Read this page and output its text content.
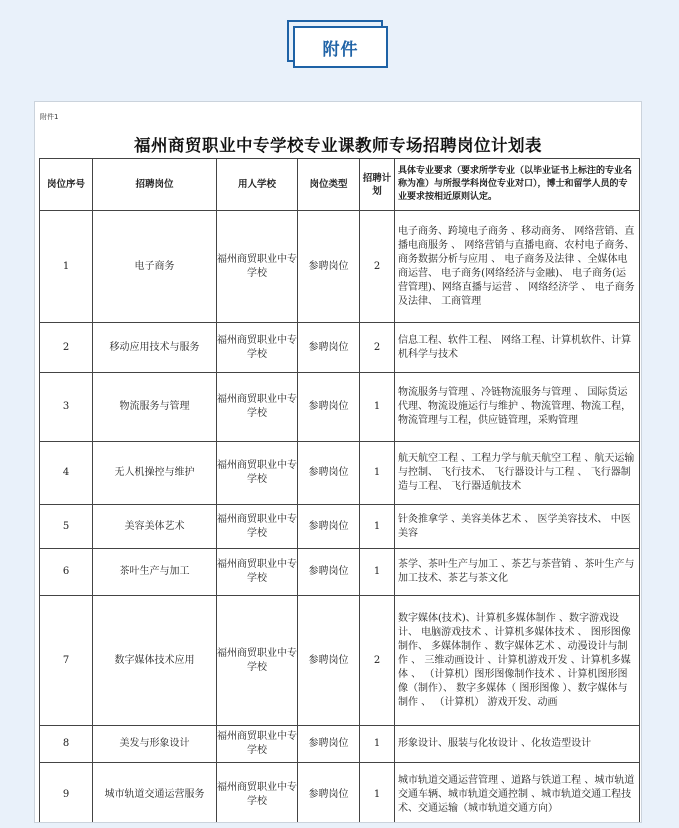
附件
附件1
福州商贸职业中专学校专业课教师专场招聘岗位计划表
岗位序号	招聘岗位	用人学校	岗位类型	招聘计划	具体专业要求（要求所学专业（以毕业证书上标注的专业名称为准）与所报学科岗位专业对口），博士和留学人员的专业要求按相近原则认定。
1	电子商务	福州商贸职业中专学校	参聘岗位	2	电子商务、跨境电子商务 、移动商务、 网络营销、直播电商服务 、 网络营销与直播电商、农村电子商务、商务数据分析与应用 、 电子商务及法律 、全媒体电商运营、 电子商务(网络经济与金融)、 电子商务(运营管理)、网络直播与运营 、 网络经济学 、 电子商务及法律、 工商管理
2	移动应用技术与服务	福州商贸职业中专学校	参聘岗位	2	信息工程、软件工程、 网络工程、计算机软件、计算机科学与技术
3	物流服务与管理	福州商贸职业中专学校	参聘岗位	1	物流服务与管理 、冷链物流服务与管理 、 国际货运代理、物流设施运行与维护 、物流管理、物流工程，物流管理与工程，供应链管理，采购管理
4	无人机操控与维护	福州商贸职业中专学校	参聘岗位	1	航天航空工程 、工程力学与航天航空工程 、航天运输与控制、 飞行技术、 飞行器设计与工程 、 飞行器制造与工程、 飞行器适航技术
5	美容美体艺术	福州商贸职业中专学校	参聘岗位	1	针灸推拿学 、美容美体艺术 、 医学美容技术、 中医美容
6	茶叶生产与加工	福州商贸职业中专学校	参聘岗位	1	茶学、茶叶生产与加工 、茶艺与茶营销 、茶叶生产与加工技术、茶艺与茶文化
7	数字媒体技术应用	福州商贸职业中专学校	参聘岗位	2	数字媒体(技术)、计算机多媒体制作 、数字游戏设计、 电脑游戏技术 、计算机多媒体技术 、 图形图像制作、 多媒体制作 、数字媒体艺术 、动漫设计与制作 、 三维动画设计 、计算机游戏开发 、计算机多媒体 、 （计算机）图形图像制作技术 、计算机图形图像（制作）、 数字多媒体（ 图形图像 ）、数字媒体与制作 、 （计算机） 游戏开发、动画
8	美发与形象设计	福州商贸职业中专学校	参聘岗位	1	形象设计、服装与化妆设计 、化妆造型设计
9	城市轨道交通运营服务	福州商贸职业中专学校	参聘岗位	1	城市轨道交通运营管理 、道路与铁道工程 、城市轨道交通车辆、城市轨道交通控制 、城市轨道交通工程技术、交通运输（城市轨道交通方向）
